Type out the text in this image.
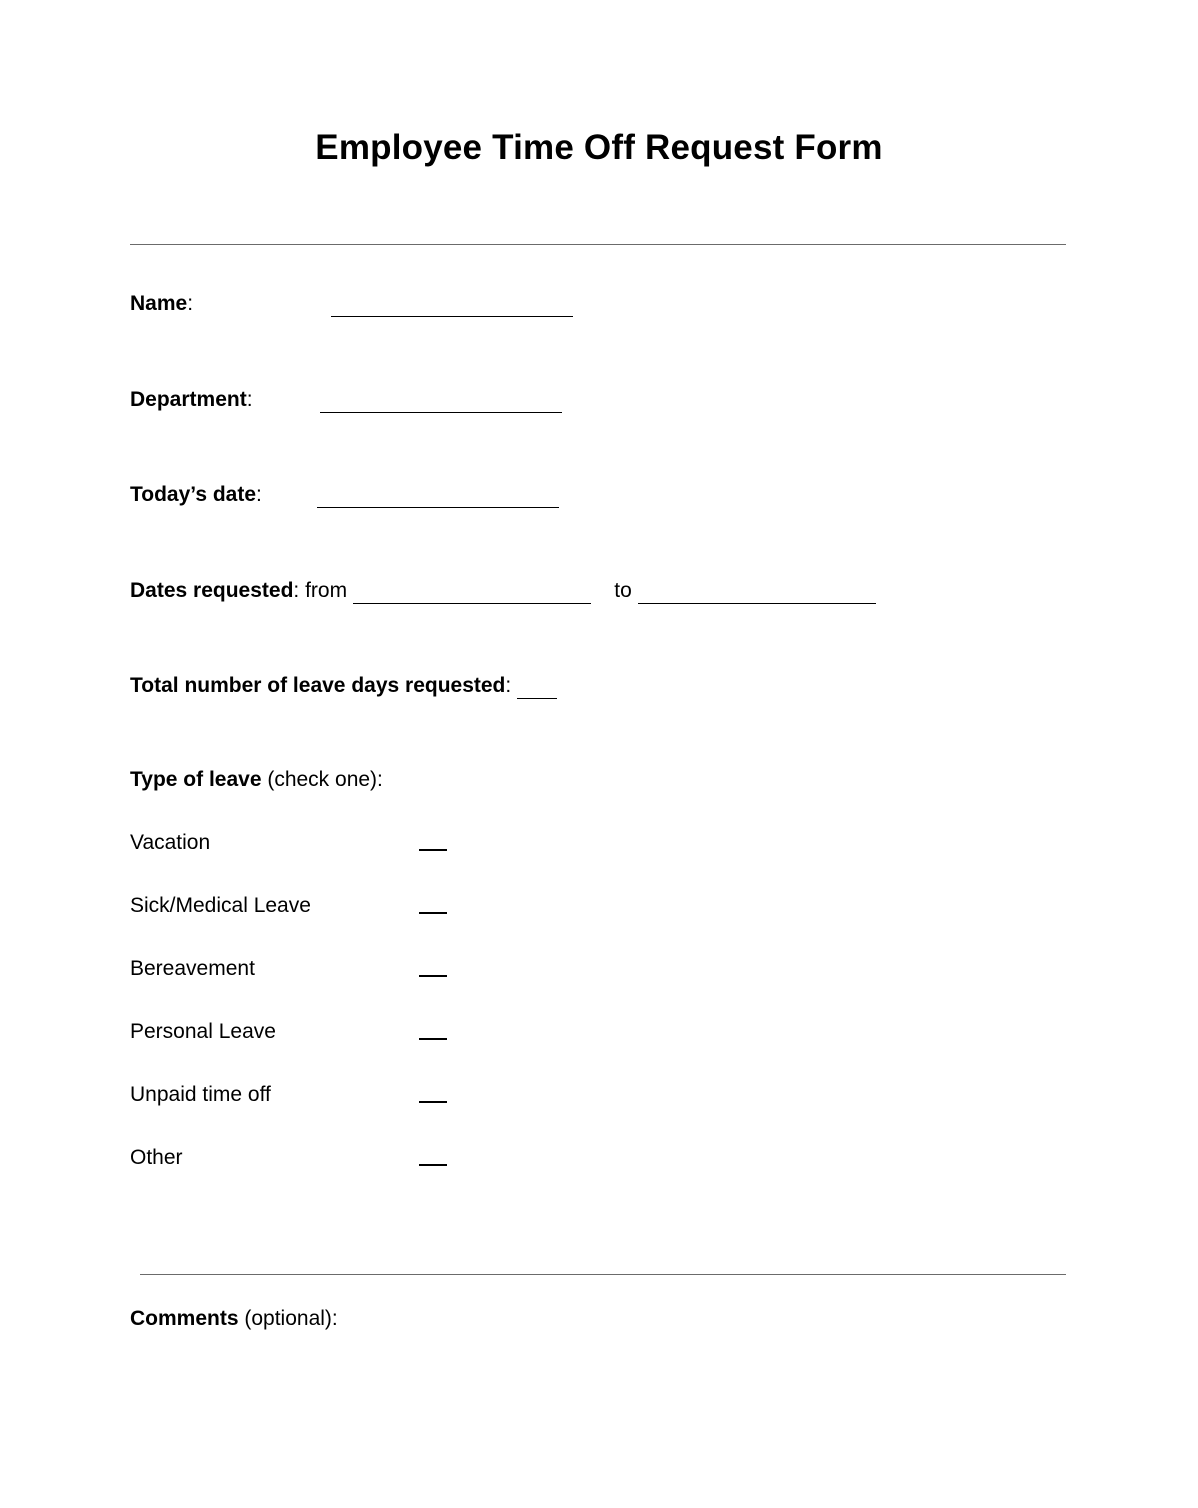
Employee Time Off Request Form
Name:
Department:
Today’s date:
Dates requested: from	to
Total number of leave days requested:
Type of leave (check one):
Vacation
Sick/Medical Leave
Bereavement
Personal Leave
Unpaid time off
Other
Comments (optional):
